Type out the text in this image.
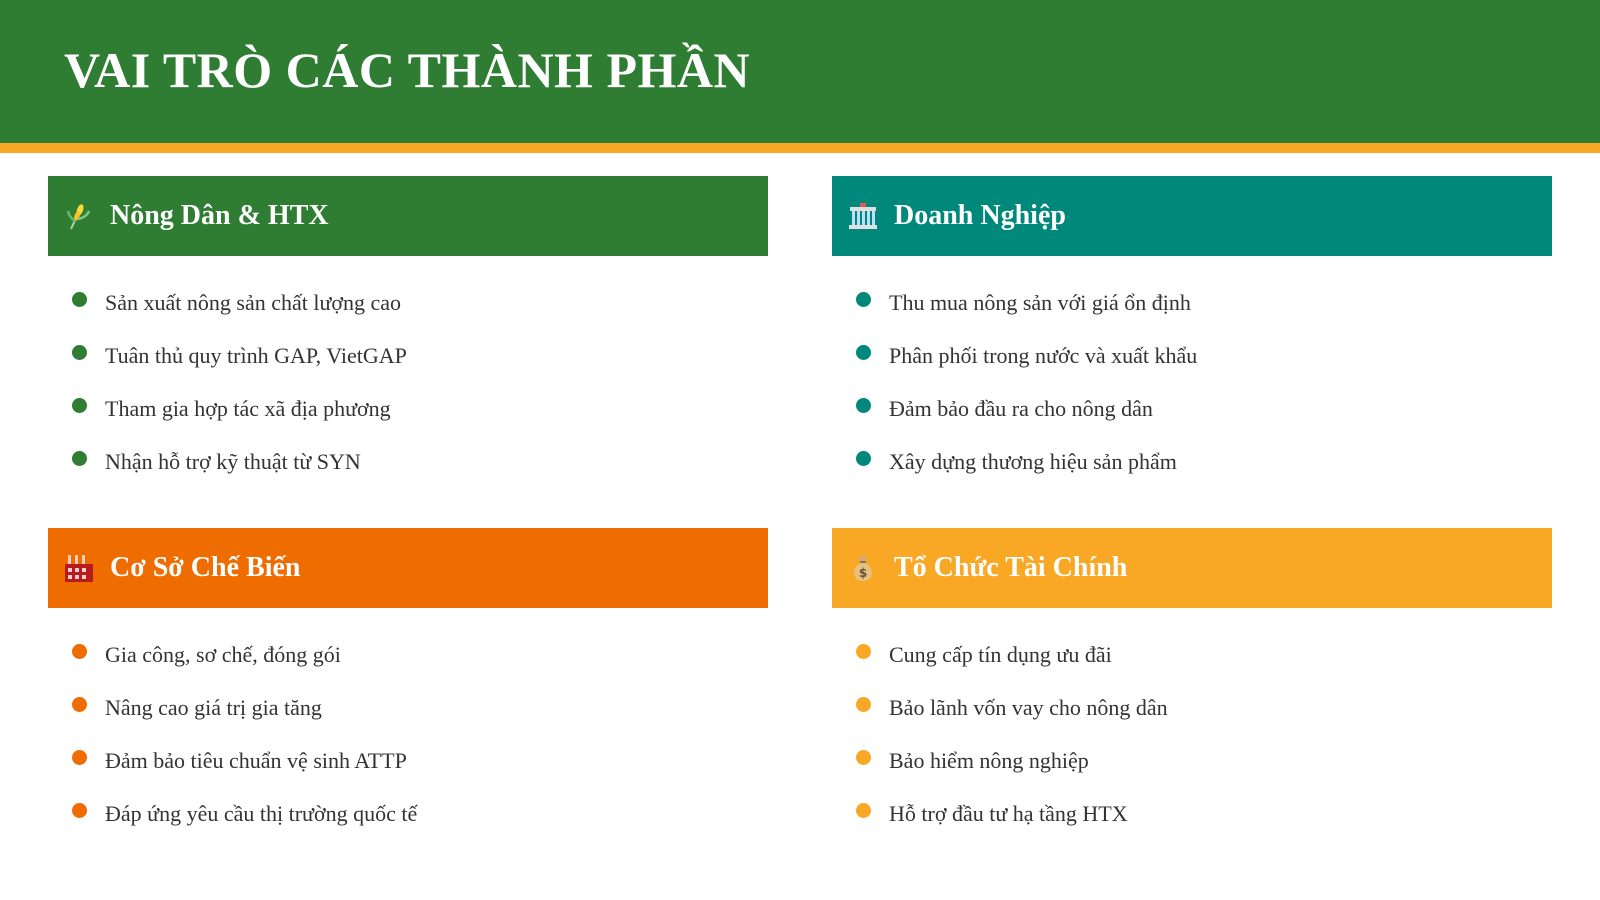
VAI TRÒ CÁC THÀNH PHẦN
Nông Dân & HTX
Sản xuất nông sản chất lượng cao
Tuân thủ quy trình GAP, VietGAP
Tham gia hợp tác xã địa phương
Nhận hỗ trợ kỹ thuật từ SYN
Doanh Nghiệp
Thu mua nông sản với giá ổn định
Phân phối trong nước và xuất khẩu
Đảm bảo đầu ra cho nông dân
Xây dựng thương hiệu sản phẩm
Cơ Sở Chế Biến
Gia công, sơ chế, đóng gói
Nâng cao giá trị gia tăng
Đảm bảo tiêu chuẩn vệ sinh ATTP
Đáp ứng yêu cầu thị trường quốc tế
$ Tổ Chức Tài Chính
Cung cấp tín dụng ưu đãi
Bảo lãnh vốn vay cho nông dân
Bảo hiểm nông nghiệp
Hỗ trợ đầu tư hạ tầng HTX
